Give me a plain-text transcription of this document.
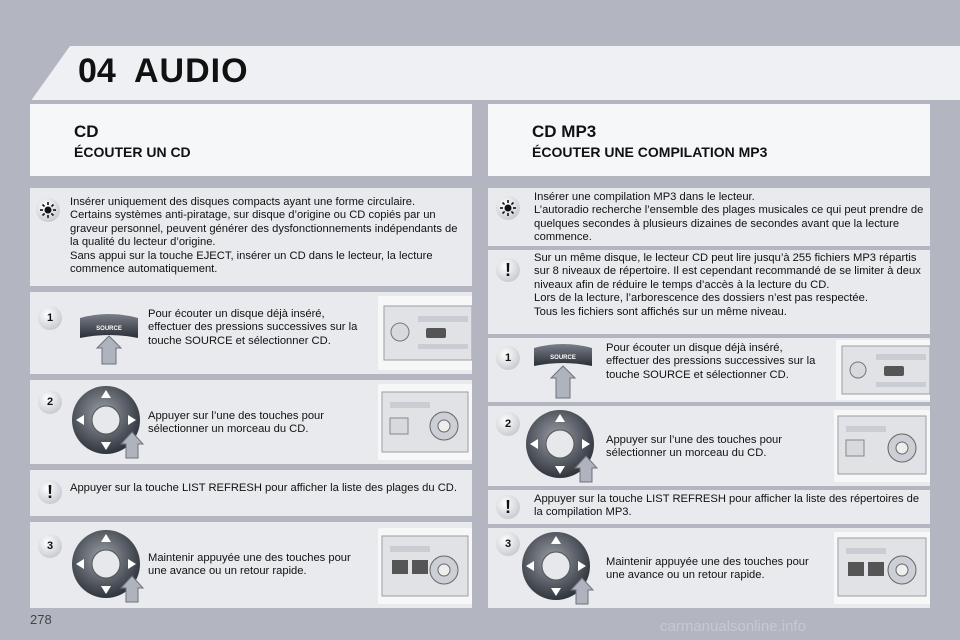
04 AUDIO
CD
ÉCOUTER UN CD
Insérer uniquement des disques compacts ayant une forme circulaire.
Certains systèmes anti-piratage, sur disque d’origine ou CD copiés par un graveur personnel, peuvent générer des dysfonctionnements indépendants de la qualité du lecteur d’origine.
Sans appui sur la touche EJECT, insérer un CD dans le lecteur, la lecture commence automatiquement.
1
SOURCE
Pour écouter un disque déjà inséré, effectuer des pressions successives sur la touche SOURCE et sélectionner CD.
2
Appuyer sur l’une des touches pour sélectionner un morceau du CD.
!	Appuyer sur la touche LIST REFRESH pour afficher la liste des plages du CD.
3
Maintenir appuyée une des touches pour une avance ou un retour rapide.
CD MP3
ÉCOUTER UNE COMPILATION MP3
Insérer une compilation MP3 dans le lecteur.
L’autoradio recherche l’ensemble des plages musicales ce qui peut prendre de quelques secondes à plusieurs dizaines de secondes avant que la lecture commence.
!
Sur un même disque, le lecteur CD peut lire jusqu’à 255 fichiers MP3 répartis sur 8 niveaux de répertoire. Il est cependant recommandé de se limiter à deux niveaux afin de réduire le temps d’accès à la lecture du CD.
Lors de la lecture, l’arborescence des dossiers n’est pas respectée.
Tous les fichiers sont affichés sur un même niveau.
1	SOURCE
Pour écouter un disque déjà inséré, effectuer des pressions successives sur la touche SOURCE et sélectionner CD.
2
Appuyer sur l’une des touches pour sélectionner un morceau du CD.
!	Appuyer sur la touche LIST REFRESH pour afficher la liste des répertoires de la compilation MP3.
3
Maintenir appuyée une des touches pour une avance ou un retour rapide.
278	carmanualsonline.info
